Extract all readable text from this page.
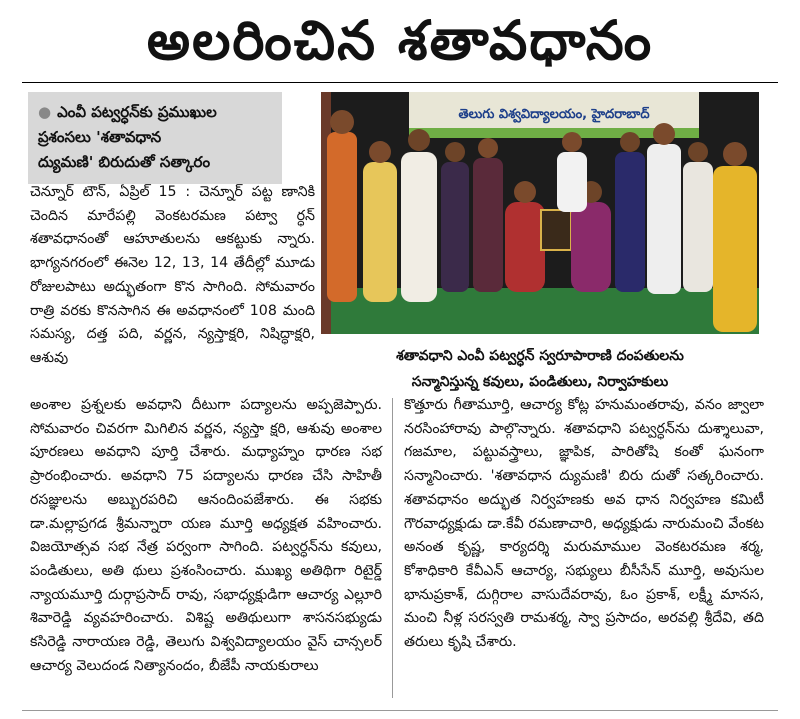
అలరించిన శతావధానం
● ఎంవీ పట్వర్ధన్‌కు ప్రముఖుల
ప్రశంసలు 'శతావధాన
ద్యుమణి' బిరుదుతో సత్కారం
తెలుగు విశ్వవిద్యాలయం, హైదరాబాద్
శతావధాని ఎంవీ పట్వర్ధన్ స్వరూపారాణి దంపతులను
సన్మానిస్తున్న కవులు, పండితులు, నిర్వాహకులు

చెన్నూర్ టౌన్, ఏప్రిల్ 15 : చెన్నూర్ పట్ట ణానికి చెందిన మారేపల్లి వెంకటరమణ పట్వా ర్ధన్ శతావధానంతో ఆహూతులను ఆకట్టుకు న్నారు. భాగ్యనగరంలో ఈనెల 12, 13, 14 తేదీల్లో మూడు రోజులపాటు అద్భుతంగా కొన సాగింది. సోమవారం రాత్రి వరకు కొనసాగిన ఈ అవధానంలో 108 మంది సమస్య, దత్త పది, వర్ణన, న్యస్తాక్షరి, నిషిద్ధాక్షరి, ఆశువు

అంశాల ప్రశ్నలకు అవధాని దీటుగా పద్యాలను అప్పజెప్పారు. సోమవారం చివరగా మిగిలిన వర్ణన, న్యస్తా క్షరి, ఆశువు అంశాల పూరణలు అవధాని పూర్తి చేశారు. మధ్యాహ్నం ధారణ సభ ప్రారంభించారు. అవధాని 75 పద్యాలను ధారణ చేసి సాహితీ రసజ్ఞులను అబ్బురపరిచి ఆనందింపజేశారు. ఈ సభకు డా.మల్లాప్రగడ శ్రీమన్నారా యణ మూర్తి అధ్యక్షత వహించారు. విజయోత్సవ సభ నేత్ర పర్వంగా సాగింది. పట్వర్ధన్‌ను కవులు, పండితులు, అతి థులు ప్రశంసించారు. ముఖ్య అతిథిగా రిటైర్డ్ న్యాయమూర్తి దుర్గాప్రసాద్ రావు, సభాధ్యక్షుడిగా ఆచార్య ఎల్లూరి శివారెడ్డి వ్యవహరించారు. విశిష్ట అతిథులుగా శాసనసభ్యుడు కసిరెడ్డి నారాయణ రెడ్డి, తెలుగు విశ్వవిద్యాలయం వైస్ చాన్సలర్ ఆచార్య వెలుదండ నిత్యానందం, బీజేపీ నాయకురాలు

కొత్తూరు గీతామూర్తి, ఆచార్య కోట్ల హనుమంతరావు, వనం జ్వాలా నరసింహారావు పాల్గొన్నారు. శతావధాని పట్వర్ధన్‌ను దుశ్శాలువా, గజమాల, పట్టువస్త్రాలు, జ్ఞాపిక, పారితోషి కంతో ఘనంగా సన్మానించారు. 'శతావధాన ద్యుమణి' బిరు దుతో సత్కరించారు. శతావధానం అద్భుత నిర్వహణకు అవ ధాన నిర్వహణ కమిటీ గౌరవాధ్యక్షుడు డా.కేవీ రమణాచారి, అధ్యక్షుడు నారుమంచి వేంకట అనంత కృష్ణ, కార్యదర్శి మరుమాముల వెంకటరమణ శర్మ, కోశాధికారి కేవీఎన్ ఆచార్య, సభ్యులు బీసీసేన్ మూర్తి, అవుసుల భానుప్రకాశ్, దుగ్గిరాల వాసుదేవరావు, ఓం ప్రకాశ్, లక్ష్మీ మానస, మంచి నీళ్ల సరస్వతి రామశర్మ, స్వా ప్రసాదం, అరవల్లి శ్రీదేవి, తది తరులు కృషి చేశారు.
